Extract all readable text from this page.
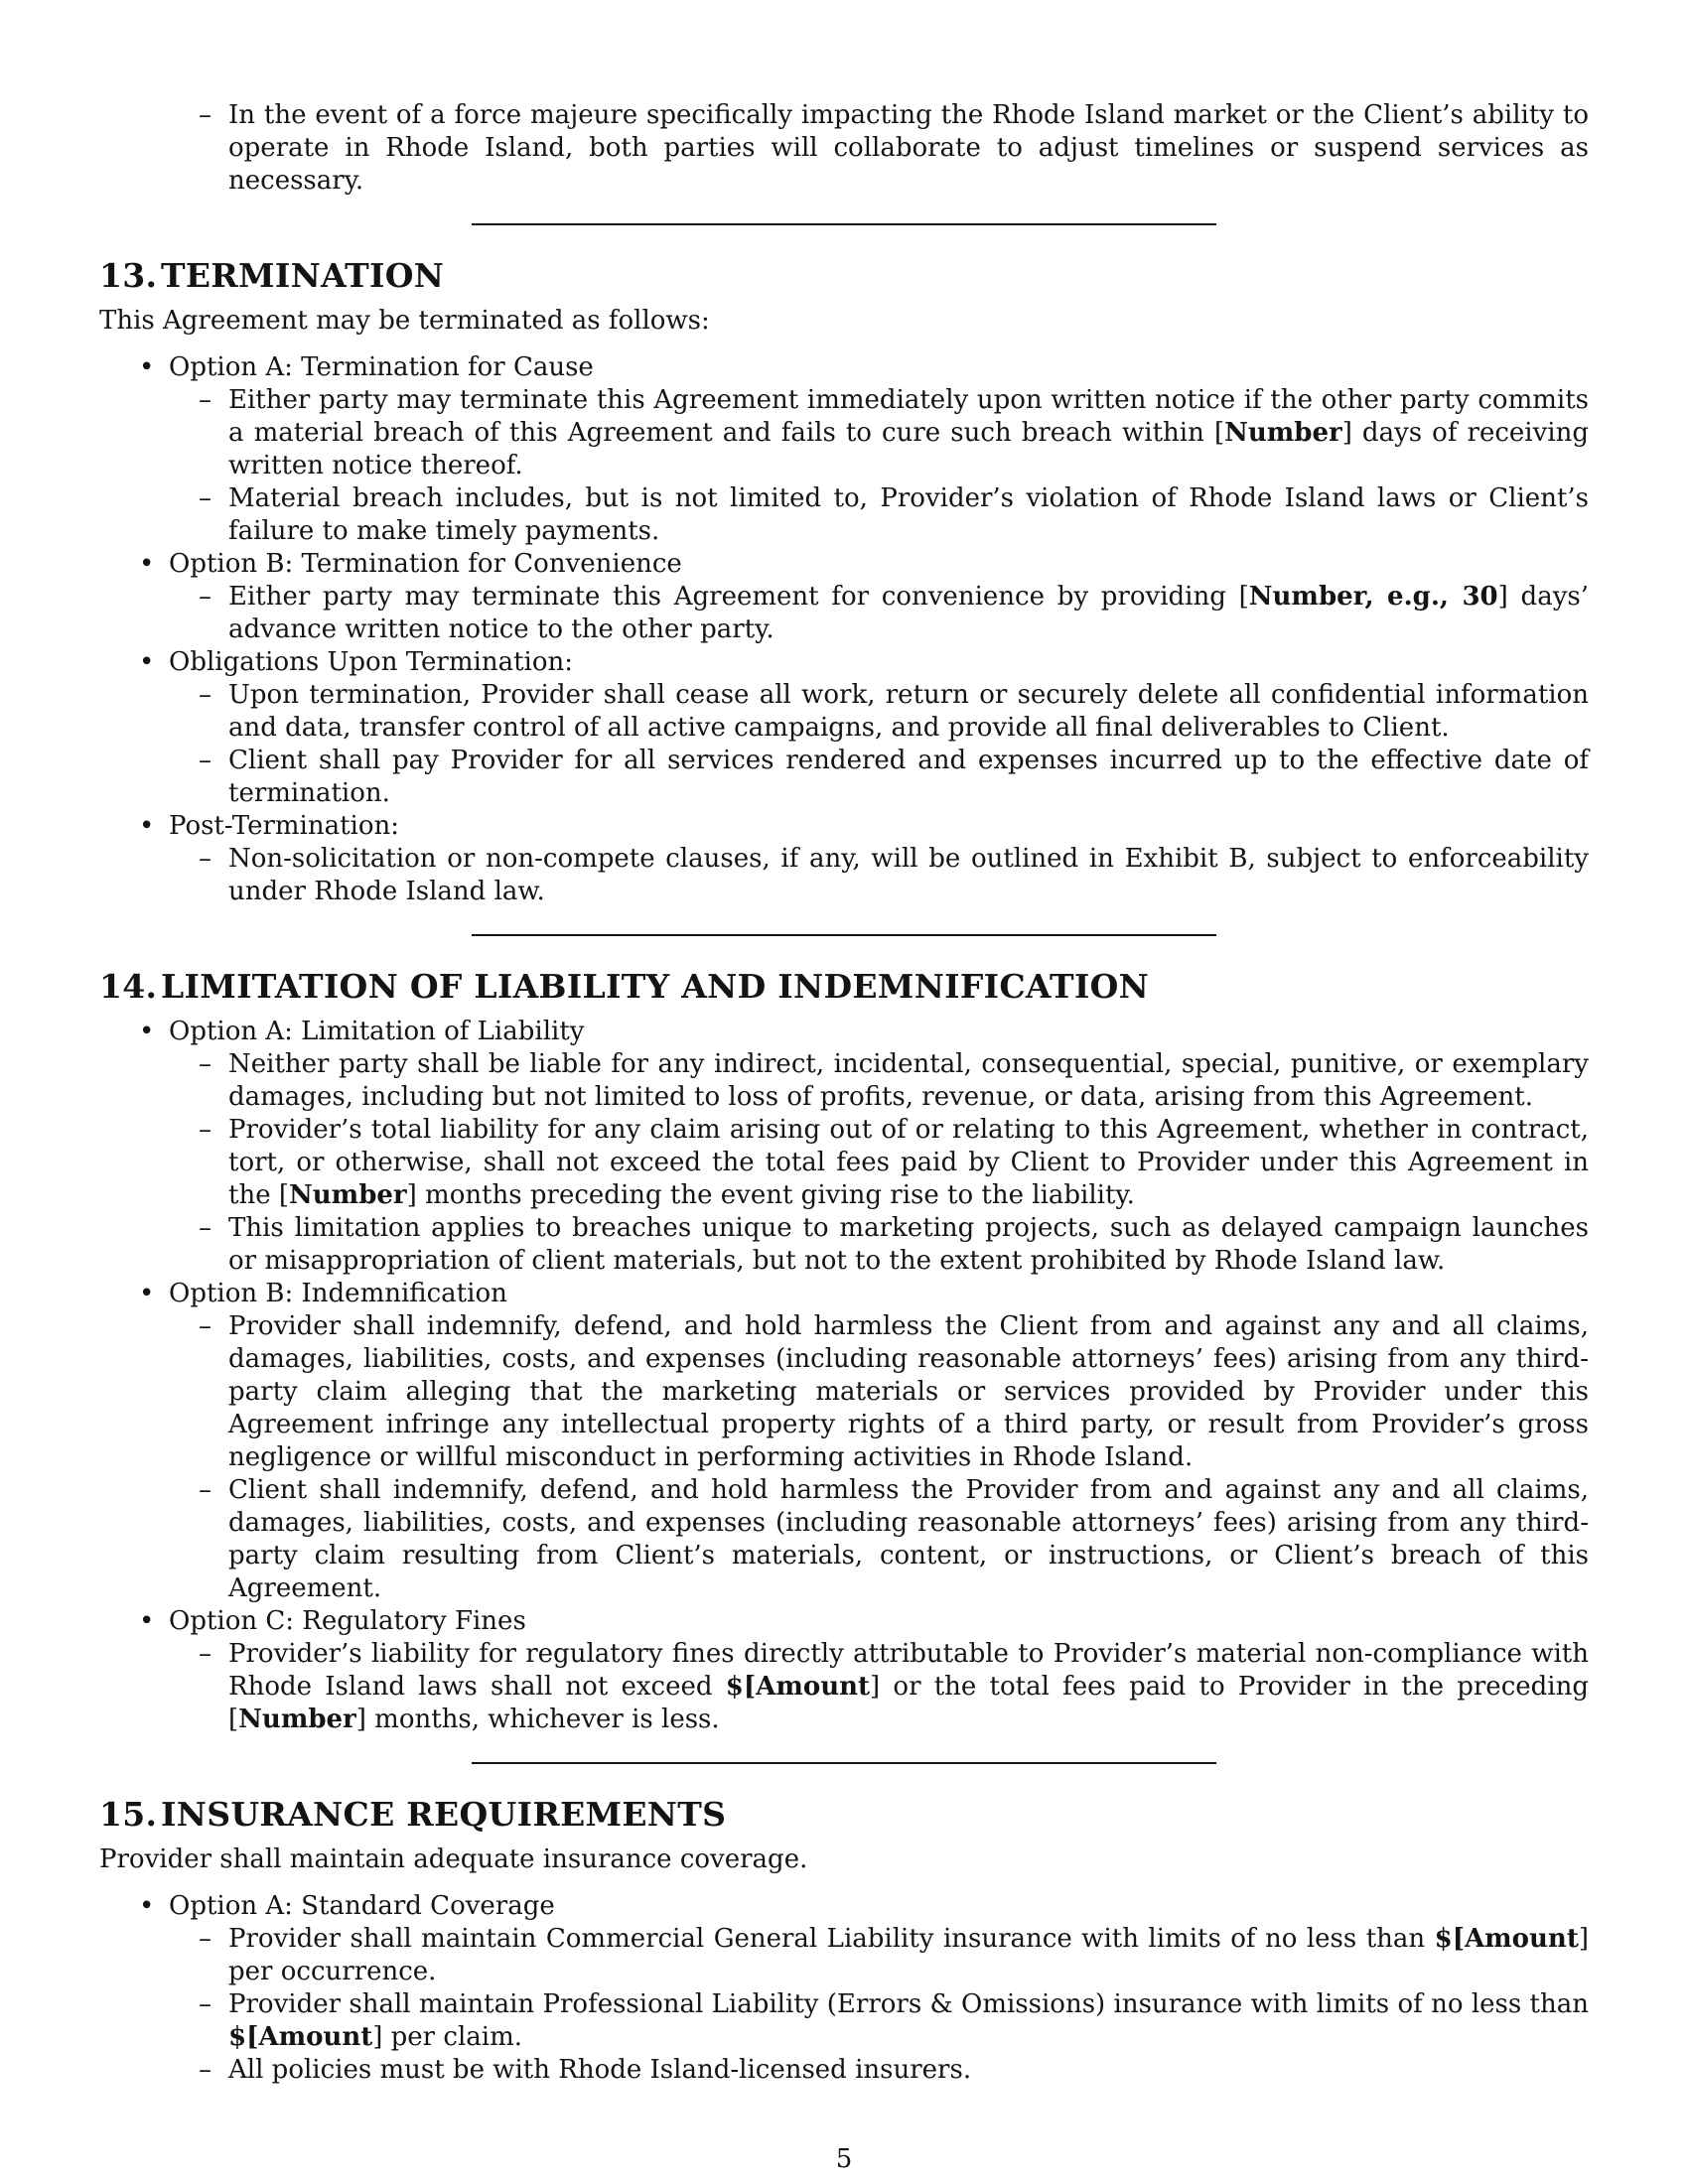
– In the event of a force majeure specifically impacting the Rhode Island market or the Client’s ability to operate in Rhode Island, both parties will collaborate to adjust timelines or suspend services as necessary.
13. TERMINATION

This Agreement may be terminated as follows:

• Option A: Termination for Cause
– Either party may terminate this Agreement immediately upon written notice if the other party commits a material breach of this Agreement and fails to cure such breach within [Number] days of receiving written notice thereof.
– Material breach includes, but is not limited to, Provider’s violation of Rhode Island laws or Client’s failure to make timely payments.
• Option B: Termination for Convenience
– Either party may terminate this Agreement for convenience by providing [Number, e.g., 30] days’ advance written notice to the other party.
• Obligations Upon Termination:
– Upon termination, Provider shall cease all work, return or securely delete all confidential information and data, transfer control of all active campaigns, and provide all final deliverables to Client.
– Client shall pay Provider for all services rendered and expenses incurred up to the effective date of termination.
• Post-Termination:
– Non-solicitation or non-compete clauses, if any, will be outlined in Exhibit B, subject to enforceability under Rhode Island law.
14. LIMITATION OF LIABILITY AND INDEMNIFICATION
• Option A: Limitation of Liability
– Neither party shall be liable for any indirect, incidental, consequential, special, punitive, or exemplary damages, including but not limited to loss of profits, revenue, or data, arising from this Agreement.
– Provider’s total liability for any claim arising out of or relating to this Agreement, whether in contract, tort, or otherwise, shall not exceed the total fees paid by Client to Provider under this Agreement in the [Number] months preceding the event giving rise to the liability.
– This limitation applies to breaches unique to marketing projects, such as delayed campaign launches or misappropriation of client materials, but not to the extent prohibited by Rhode Island law.
• Option B: Indemnification
– Provider shall indemnify, defend, and hold harmless the Client from and against any and all claims, damages, liabilities, costs, and expenses (including reasonable attorneys’ fees) arising from any third-party claim alleging that the marketing materials or services provided by Provider under this Agreement infringe any intellectual property rights of a third party, or result from Provider’s gross negligence or willful misconduct in performing activities in Rhode Island.
– Client shall indemnify, defend, and hold harmless the Provider from and against any and all claims, damages, liabilities, costs, and expenses (including reasonable attorneys’ fees) arising from any third-party claim resulting from Client’s materials, content, or instructions, or Client’s breach of this Agreement.
• Option C: Regulatory Fines
– Provider’s liability for regulatory fines directly attributable to Provider’s material non-compliance with Rhode Island laws shall not exceed $[Amount] or the total fees paid to Provider in the preceding [Number] months, whichever is less.
15. INSURANCE REQUIREMENTS

Provider shall maintain adequate insurance coverage.

• Option A: Standard Coverage
– Provider shall maintain Commercial General Liability insurance with limits of no less than $[Amount] per occurrence.
– Provider shall maintain Professional Liability (Errors & Omissions) insurance with limits of no less than $[Amount] per claim.
– All policies must be with Rhode Island-licensed insurers.
5
